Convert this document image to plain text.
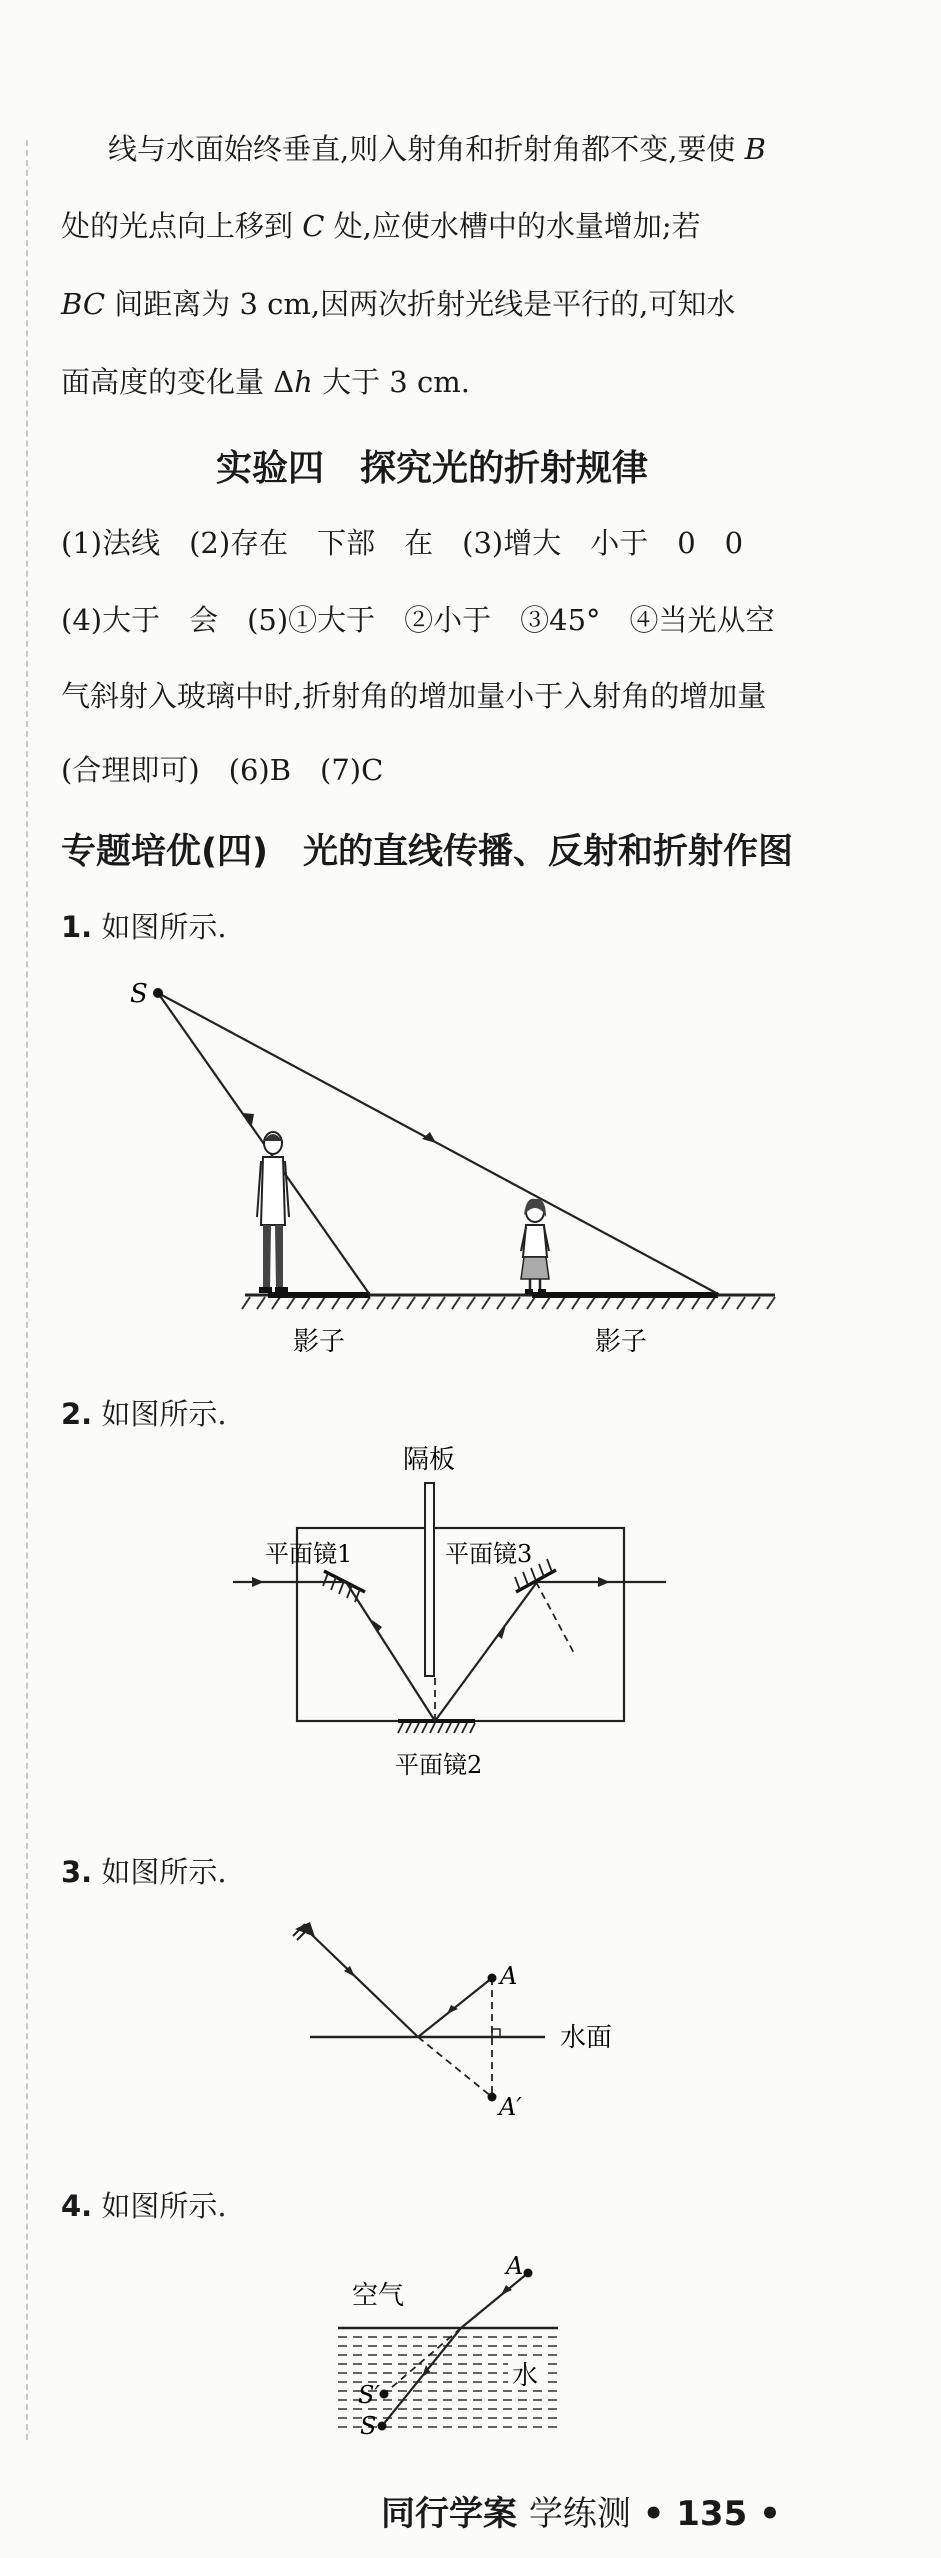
线与水面始终垂直,则入射角和折射角都不变,要使 B
处的光点向上移到 C 处,应使水槽中的水量增加;若
BC 间距离为 3 cm,因两次折射光线是平行的,可知水
面高度的变化量 Δh 大于 3 cm.
实验四　探究光的折射规律
(1)法线　(2)存在　下部　在　(3)增大　小于　0　0
(4)大于　会　(5)①大于　②小于　③45°　④当光从空
气斜射入玻璃中时,折射角的增加量小于入射角的增加量
(合理即可)　(6)B　(7)C
专题培优(四)　光的直线传播、反射和折射作图
1. 如图所示.
S
影子	影子
2. 如图所示.
隔板
平面镜1	平面镜3
平面镜2
3. 如图所示.
A
A′
水面
4. 如图所示.
空气
水
A
S
S′
同行学案 学练测 • 135 •
